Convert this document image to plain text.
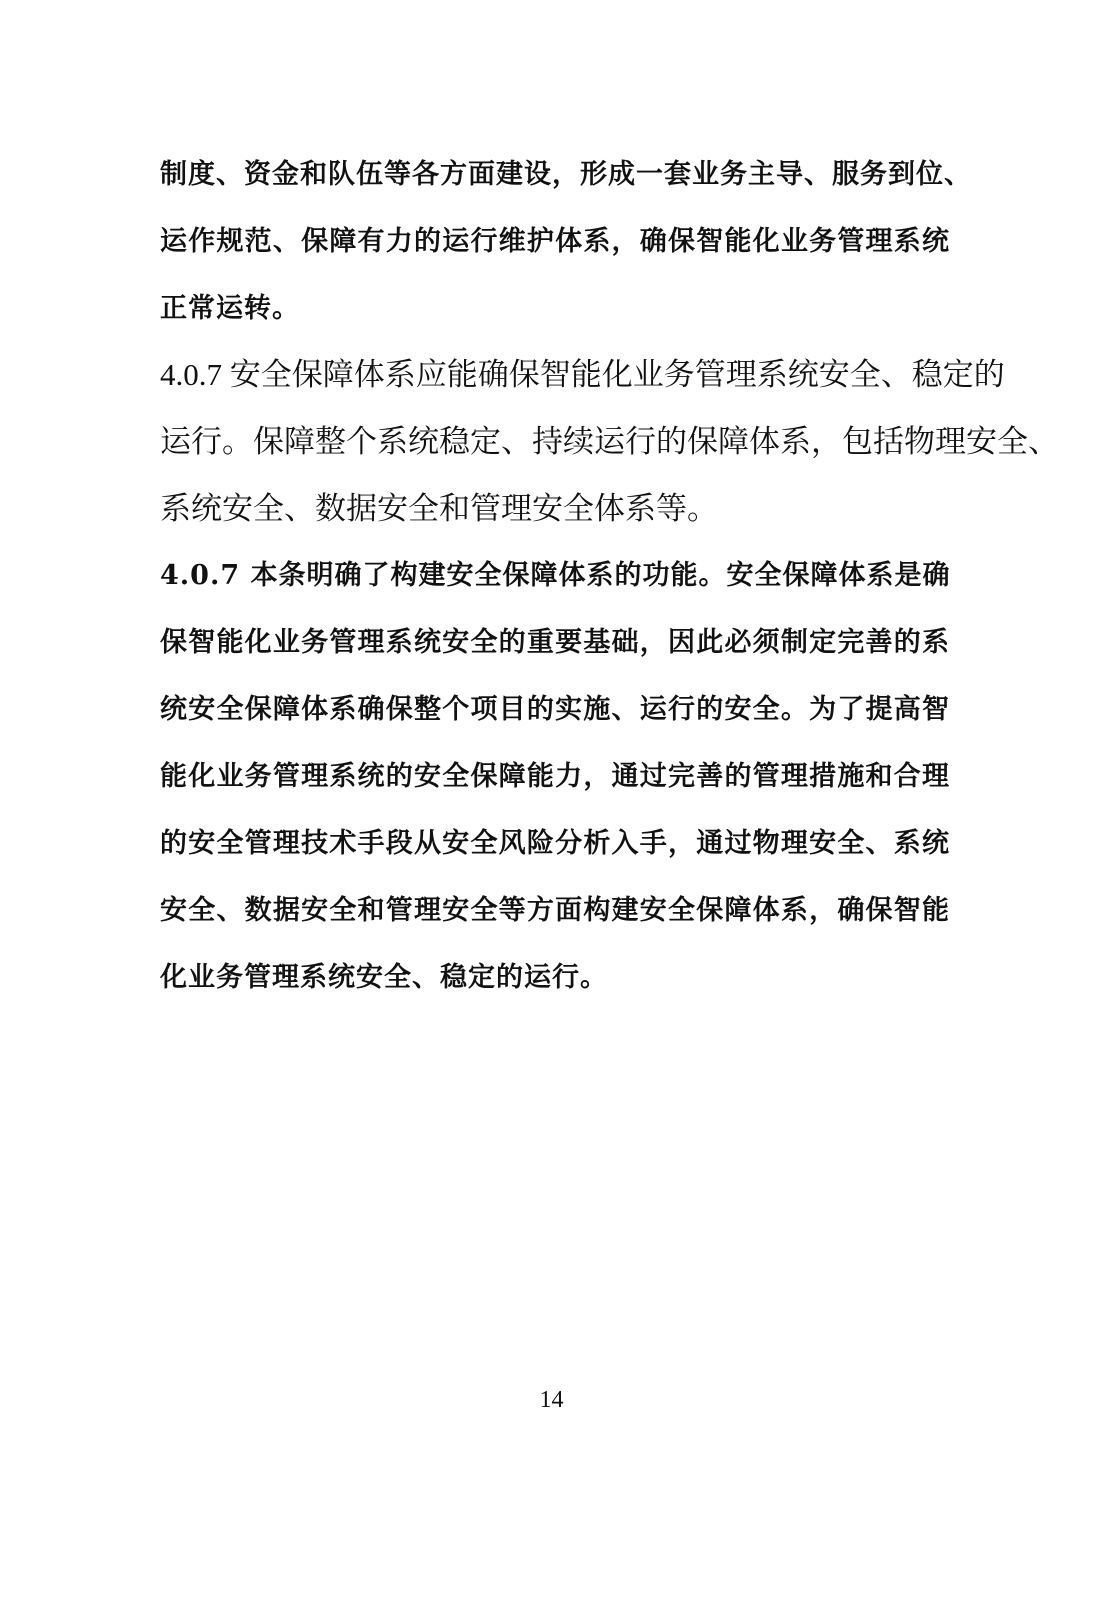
制度、资金和队伍等各方面建设，形成一套业务主导、服务到位、
运作规范、保障有力的运行维护体系，确保智能化业务管理系统
正常运转。
4.0.7 安全保障体系应能确保智能化业务管理系统安全、稳定的
运行。保障整个系统稳定、持续运行的保障体系，包括物理安全、
系统安全、数据安全和管理安全体系等。
4.0.7 本条明确了构建安全保障体系的功能。安全保障体系是确
保智能化业务管理系统安全的重要基础，因此必须制定完善的系
统安全保障体系确保整个项目的实施、运行的安全。为了提高智
能化业务管理系统的安全保障能力，通过完善的管理措施和合理
的安全管理技术手段从安全风险分析入手，通过物理安全、系统
安全、数据安全和管理安全等方面构建安全保障体系，确保智能
化业务管理系统安全、稳定的运行。
14
